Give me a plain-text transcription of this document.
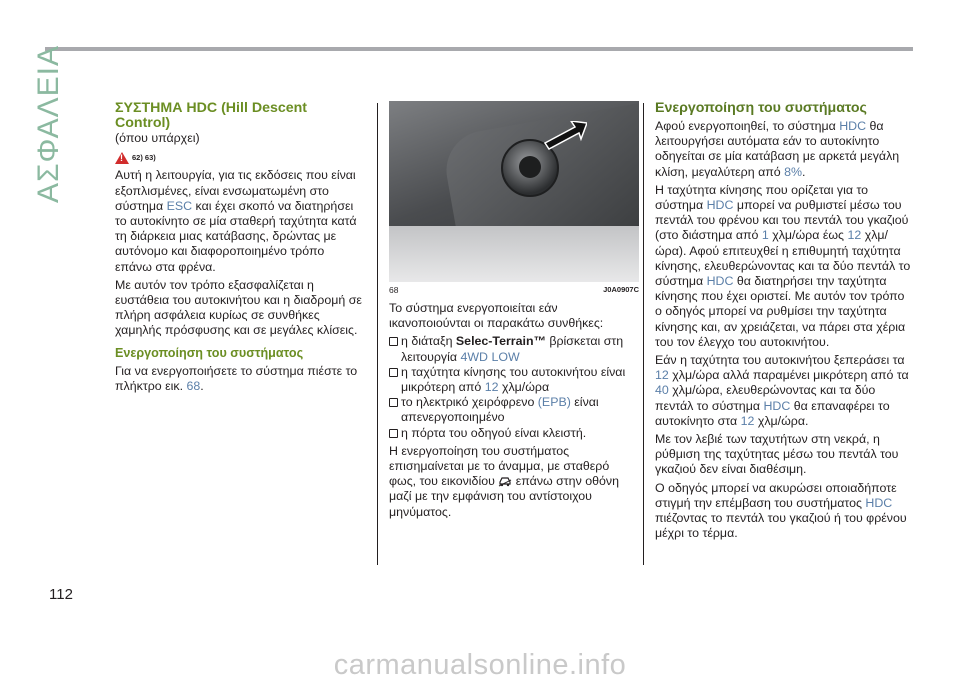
ΑΣΦΑΛΕΙΑ	ΣΥΣΤΗΜΑ HDC (Hill Descent Control)
(όπου υπάρχει)
!
62) 63)

Αυτή η λειτουργία, για τις εκδόσεις που είναι εξοπλισμένες, είναι ενσωματωμένη στο σύστημα ESC και έχει σκοπό να διατηρήσει το αυτοκίνητο σε μία σταθερή ταχύτητα κατά τη διάρκεια μιας κατάβασης, δρώντας με αυτόνομο και διαφοροποιημένο τρόπο επάνω στα φρένα.

Με αυτόν τον τρόπο εξασφαλίζεται η ευστάθεια του αυτοκινήτου και η διαδρομή σε πλήρη ασφάλεια κυρίως σε συνθήκες χαμηλής πρόσφυσης και σε μεγάλες κλίσεις.

Ενεργοποίηση του συστήματος

Για να ενεργοποιήσετε το σύστημα πιέστε το πλήκτρο εικ. 68.

68	J0A0907C

Το σύστημα ενεργοποιείται εάν ικανοποιούνται οι παρακάτω συνθήκες:

η διάταξη Selec-Terrain™ βρίσκεται στη λειτουργία 4WD LOW
η ταχύτητα κίνησης του αυτοκινήτου είναι μικρότερη από 12 χλμ/ώρα
το ηλεκτρικό χειρόφρενο (EPB) είναι απενεργοποιημένο
η πόρτα του οδηγού είναι κλειστή.

Η ενεργοποίηση του συστήματος επισημαίνεται με το άναμμα, με σταθερό φως, του εικονιδίου  επάνω στην οθόνη μαζί με την εμφάνιση του αντίστοιχου μηνύματος.

Ενεργοποίηση του συστήματος

Αφού ενεργοποιηθεί, το σύστημα HDC θα λειτουργήσει αυτόματα εάν το αυτοκίνητο οδηγείται σε μία κατάβαση με αρκετά μεγάλη κλίση, μεγαλύτερη από 8%.

Η ταχύτητα κίνησης που ορίζεται για το σύστημα HDC μπορεί να ρυθμιστεί μέσω του πεντάλ του φρένου και του πεντάλ του γκαζιού (στο διάστημα από 1 χλμ/ώρα έως 12 χλμ/ώρα). Αφού επιτευχθεί η επιθυμητή ταχύτητα κίνησης, ελευθερώνοντας και τα δύο πεντάλ το σύστημα HDC θα διατηρήσει την ταχύτητα κίνησης που έχει οριστεί. Με αυτόν τον τρόπο ο οδηγός μπορεί να ρυθμίσει την ταχύτητα κίνησης και, αν χρειάζεται, να πάρει στα χέρια του τον έλεγχο του αυτοκινήτου.

Εάν η ταχύτητα του αυτοκινήτου ξεπεράσει τα 12 χλμ/ώρα αλλά παραμένει μικρότερη από τα 40 χλμ/ώρα, ελευθερώνοντας και τα δύο πεντάλ το σύστημα HDC θα επαναφέρει το αυτοκίνητο στα 12 χλμ/ώρα.

Με τον λεβιέ των ταχυτήτων στη νεκρά, η ρύθμιση της ταχύτητας μέσω του πεντάλ του γκαζιού δεν είναι διαθέσιμη.

Ο οδηγός μπορεί να ακυρώσει οποιαδήποτε στιγμή την επέμβαση του συστήματος HDC πιέζοντας το πεντάλ του γκαζιού ή του φρένου μέχρι το τέρμα.

112
carmanualsonline.info
